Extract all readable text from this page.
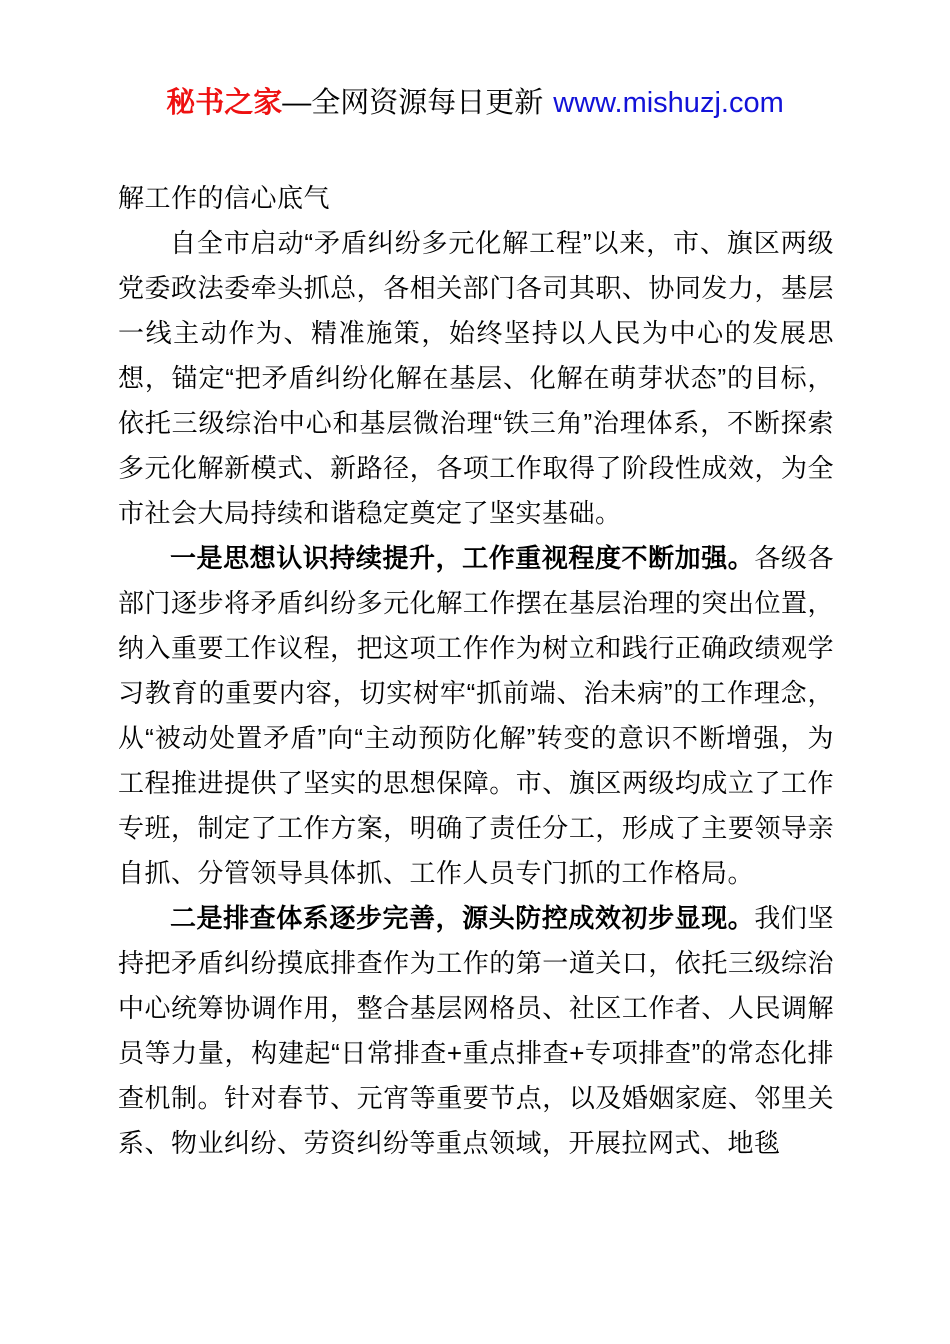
秘书之家—全网资源每日更新 www.mishuzj.com

解工作的信心底气

自全市启动“矛盾纠纷多元化解工程”以来，市、旗区两级党委政法委牵头抓总，各相关部门各司其职、协同发力，基层一线主动作为、精准施策，始终坚持以人民为中心的发展思想，锚定“把矛盾纠纷化解在基层、化解在萌芽状态”的目标，依托三级综治中心和基层微治理“铁三角”治理体系，不断探索多元化解新模式、新路径，各项工作取得了阶段性成效，为全市社会大局持续和谐稳定奠定了坚实基础。

一是思想认识持续提升，工作重视程度不断加强。各级各部门逐步将矛盾纠纷多元化解工作摆在基层治理的突出位置，纳入重要工作议程，把这项工作作为树立和践行正确政绩观学习教育的重要内容，切实树牢“抓前端、治未病”的工作理念，从“被动处置矛盾”向“主动预防化解”转变的意识不断增强，为工程推进提供了坚实的思想保障。市、旗区两级均成立了工作专班，制定了工作方案，明确了责任分工，形成了主要领导亲自抓、分管领导具体抓、工作人员专门抓的工作格局。

二是排查体系逐步完善，源头防控成效初步显现。我们坚持把矛盾纠纷摸底排查作为工作的第一道关口，依托三级综治中心统筹协调作用，整合基层网格员、社区工作者、人民调解员等力量，构建起“日常排查+重点排查+专项排查”的常态化排查机制。针对春节、元宵等重要节点，以及婚姻家庭、邻里关系、物业纠纷、劳资纠纷等重点领域，开展拉网式、地毯
